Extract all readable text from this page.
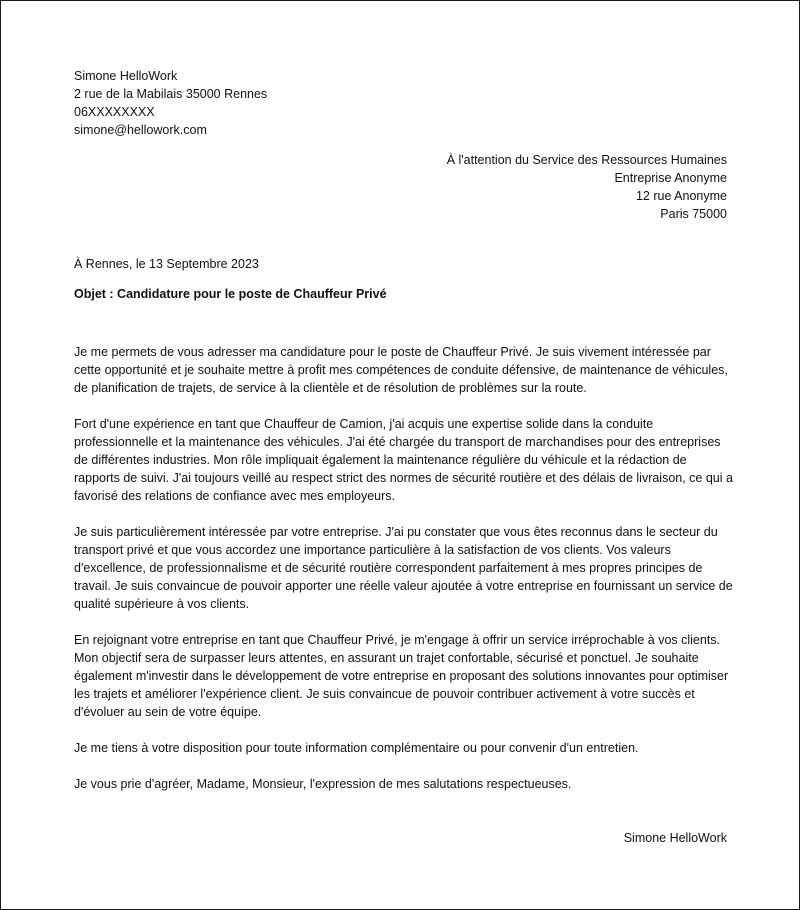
Simone HelloWork
2 rue de la Mabilais 35000 Rennes
06XXXXXXXX
simone@hellowork.com
À l'attention du Service des Ressources Humaines
Entreprise Anonyme
12 rue Anonyme
Paris 75000
À Rennes, le 13 Septembre 2023
Objet : Candidature pour le poste de Chauffeur Privé

Je me permets de vous adresser ma candidature pour le poste de Chauffeur Privé. Je suis vivement intéressée par cette opportunité et je souhaite mettre à profit mes compétences de conduite défensive, de maintenance de véhicules, de planification de trajets, de service à la clientèle et de résolution de problèmes sur la route.

Fort d'une expérience en tant que Chauffeur de Camion, j'ai acquis une expertise solide dans la conduite professionnelle et la maintenance des véhicules. J'ai été chargée du transport de marchandises pour des entreprises de différentes industries. Mon rôle impliquait également la maintenance régulière du véhicule et la rédaction de rapports de suivi. J'ai toujours veillé au respect strict des normes de sécurité routière et des délais de livraison, ce qui a favorisé des relations de confiance avec mes employeurs.

Je suis particulièrement intéressée par votre entreprise. J'ai pu constater que vous êtes reconnus dans le secteur du transport privé et que vous accordez une importance particulière à la satisfaction de vos clients. Vos valeurs d'excellence, de professionnalisme et de sécurité routière correspondent parfaitement à mes propres principes de travail. Je suis convaincue de pouvoir apporter une réelle valeur ajoutée à votre entreprise en fournissant un service de qualité supérieure à vos clients.

En rejoignant votre entreprise en tant que Chauffeur Privé, je m'engage à offrir un service irréprochable à vos clients. Mon objectif sera de surpasser leurs attentes, en assurant un trajet confortable, sécurisé et ponctuel. Je souhaite également m'investir dans le développement de votre entreprise en proposant des solutions innovantes pour optimiser les trajets et améliorer l'expérience client. Je suis convaincue de pouvoir contribuer activement à votre succès et d'évoluer au sein de votre équipe.

Je me tiens à votre disposition pour toute information complémentaire ou pour convenir d'un entretien.

Je vous prie d'agréer, Madame, Monsieur, l'expression de mes salutations respectueuses.

Simone HelloWork
